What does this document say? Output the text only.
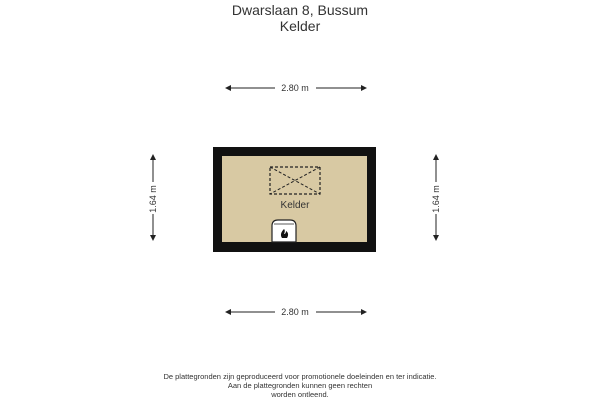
Dwarslaan 8, Bussum
Kelder
2.80 m
2.80 m
1.64 m	1.64 m
Kelder
De plattegronden zijn geproduceerd voor promotionele doeleinden en ter indicatie.
Aan de plattegronden kunnen geen rechten
worden ontleend.
